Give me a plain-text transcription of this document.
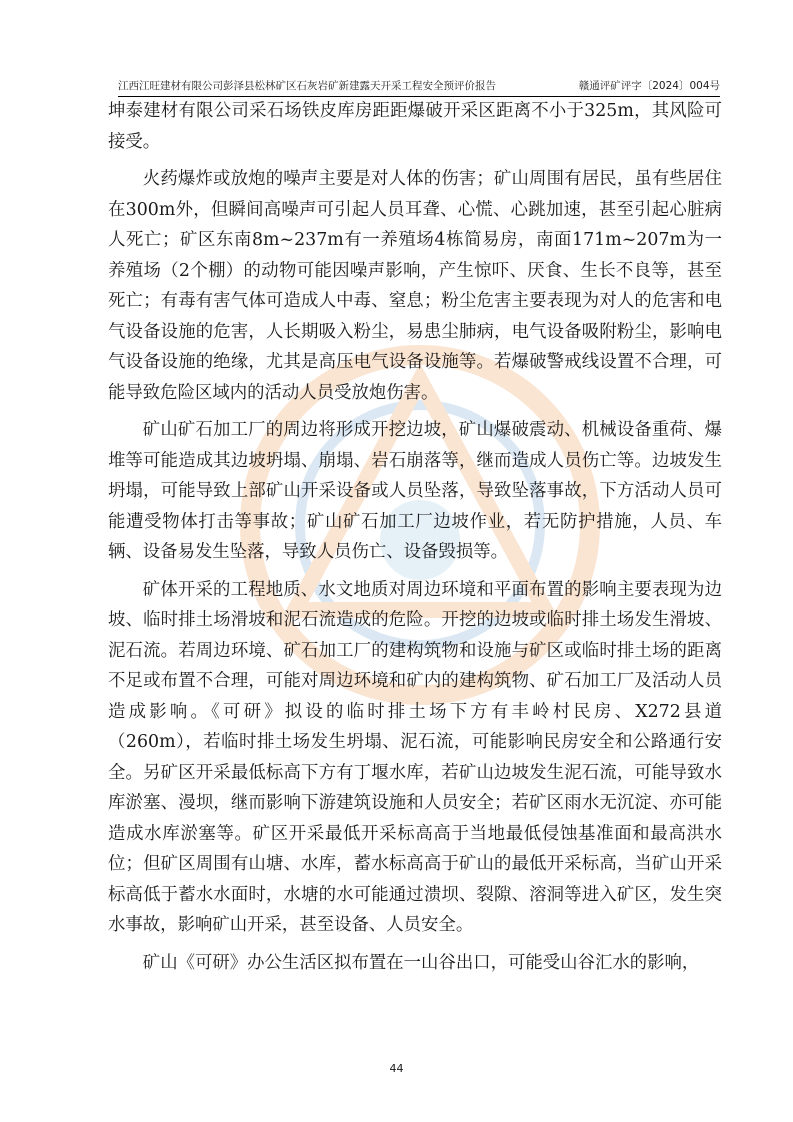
江西江旺建材有限公司彭泽县松林矿区石灰岩矿新建露天开采工程安全预评价报告	赣通评矿评字〔2024〕004号

坤泰建材有限公司采石场铁皮库房距距爆破开采区距离不小于325m，其风险可接受。

火药爆炸或放炮的噪声主要是对人体的伤害；矿山周围有居民，虽有些居住在300m外，但瞬间高噪声可引起人员耳聋、心慌、心跳加速，甚至引起心脏病人死亡；矿区东南8m~237m有一养殖场4栋简易房，南面171m~207m为一养殖场（2个棚）的动物可能因噪声影响，产生惊吓、厌食、生长不良等，甚至死亡；有毒有害气体可造成人中毒、窒息；粉尘危害主要表现为对人的危害和电气设备设施的危害，人长期吸入粉尘，易患尘肺病，电气设备吸附粉尘，影响电气设备设施的绝缘，尤其是高压电气设备设施等。若爆破警戒线设置不合理，可能导致危险区域内的活动人员受放炮伤害。

矿山矿石加工厂的周边将形成开挖边坡，矿山爆破震动、机械设备重荷、爆堆等可能造成其边坡坍塌、崩塌、岩石崩落等，继而造成人员伤亡等。边坡发生坍塌，可能导致上部矿山开采设备或人员坠落，导致坠落事故，下方活动人员可能遭受物体打击等事故；矿山矿石加工厂边坡作业，若无防护措施，人员、车辆、设备易发生坠落，导致人员伤亡、设备毁损等。

矿体开采的工程地质、水文地质对周边环境和平面布置的影响主要表现为边坡、临时排土场滑坡和泥石流造成的危险。开挖的边坡或临时排土场发生滑坡、泥石流。若周边环境、矿石加工厂的建构筑物和设施与矿区或临时排土场的距离不足或布置不合理，可能对周边环境和矿内的建构筑物、矿石加工厂及活动人员造成影响。《可研》拟设的临时排土场下方有丰岭村民房、X272县道（260m），若临时排土场发生坍塌、泥石流，可能影响民房安全和公路通行安全。另矿区开采最低标高下方有丁堰水库，若矿山边坡发生泥石流，可能导致水库淤塞、漫坝，继而影响下游建筑设施和人员安全；若矿区雨水无沉淀、亦可能造成水库淤塞等。矿区开采最低开采标高高于当地最低侵蚀基准面和最高洪水位；但矿区周围有山塘、水库，蓄水标高高于矿山的最低开采标高，当矿山开采标高低于蓄水水面时，水塘的水可能通过溃坝、裂隙、溶洞等进入矿区，发生突水事故，影响矿山开采，甚至设备、人员安全。

矿山《可研》办公生活区拟布置在一山谷出口，可能受山谷汇水的影响，

44
